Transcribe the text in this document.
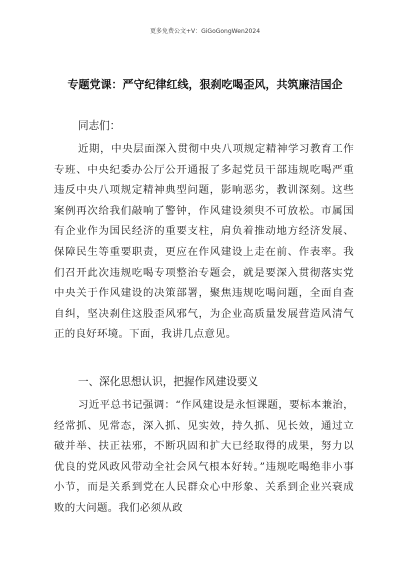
更多免费公文+V：GiGoGongWen2024
专题党课：严守纪律红线，狠刹吃喝歪风，共筑廉洁国企
同志们：

近期，中央层面深入贯彻中央八项规定精神学习教育工作专班、中央纪委办公厅公开通报了多起党员干部违规吃喝严重违反中央八项规定精神典型问题，影响恶劣，教训深刻。这些案例再次给我们敲响了警钟，作风建设须臾不可放松。市属国有企业作为国民经济的重要支柱，肩负着推动地方经济发展、保障民生等重要职责，更应在作风建设上走在前、作表率。我们召开此次违规吃喝专项整治专题会，就是要深入贯彻落实党中央关于作风建设的决策部署，聚焦违规吃喝问题，全面自查自纠，坚决刹住这股歪风邪气，为企业高质量发展营造风清气正的良好环境。下面，我讲几点意见。

一、深化思想认识，把握作风建设要义

习近平总书记强调：“作风建设是永恒课题，要标本兼治，经常抓、见常态，深入抓、见实效，持久抓、见长效，通过立破并举、扶正祛邪，不断巩固和扩大已经取得的成果，努力以优良的党风政风带动全社会风气根本好转。”违规吃喝绝非小事小节，而是关系到党在人民群众心中形象、关系到企业兴衰成败的大问题。我们必须从政
